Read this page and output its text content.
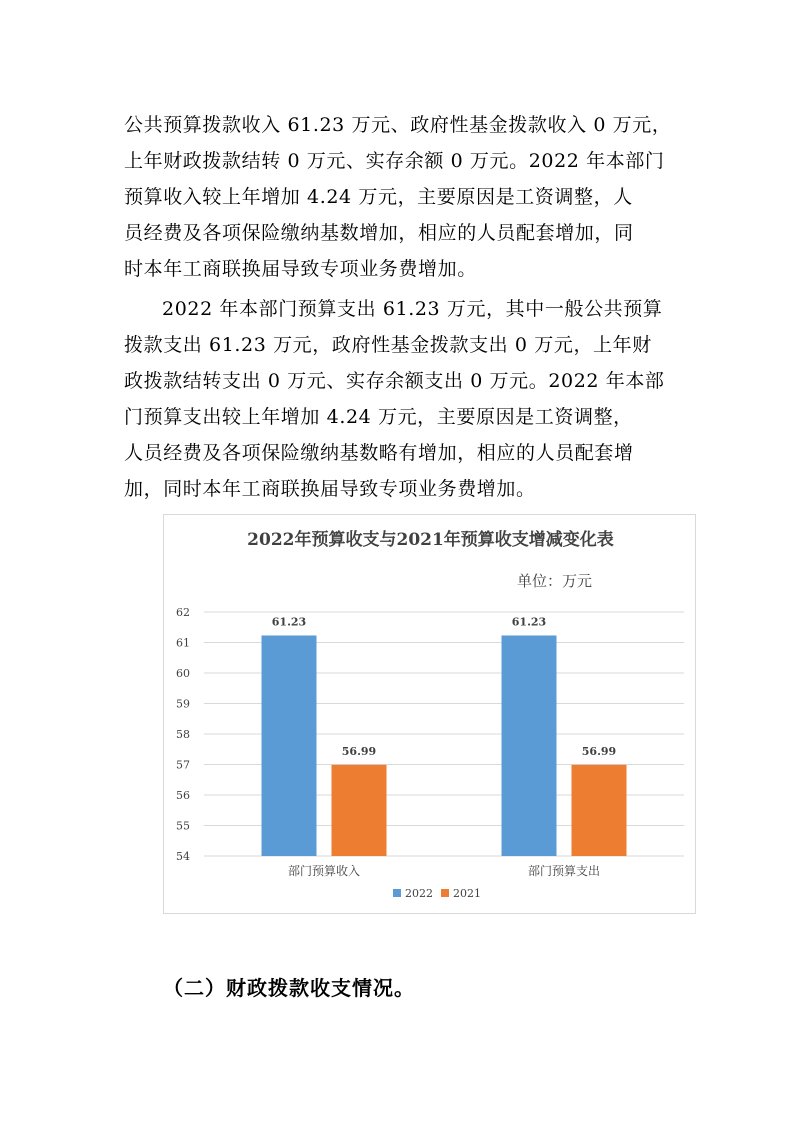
公共预算拨款收入 61.23 万元、政府性基金拨款收入 0 万元，
上年财政拨款结转 0 万元、实存余额 0 万元。2022 年本部门
预算收入较上年增加 4.24 万元，主要原因是工资调整，人
员经费及各项保险缴纳基数增加，相应的人员配套增加，同
时本年工商联换届导致专项业务费增加。
2022 年本部门预算支出 61.23 万元，其中一般公共预算
拨款支出 61.23 万元，政府性基金拨款支出 0 万元，上年财
政拨款结转支出 0 万元、实存余额支出 0 万元。2022 年本部
门预算支出较上年增加 4.24 万元，主要原因是工资调整，
人员经费及各项保险缴纳基数略有增加，相应的人员配套增
加，同时本年工商联换届导致专项业务费增加。
2022年预算收支与2021年预算收支增减变化表
单位：万元
54
55
56
57
58
59
60
61
62
61.23
56.99
部门预算收入
61.23
56.99
部门预算支出
2022 2021
（二）财政拨款收支情况。
